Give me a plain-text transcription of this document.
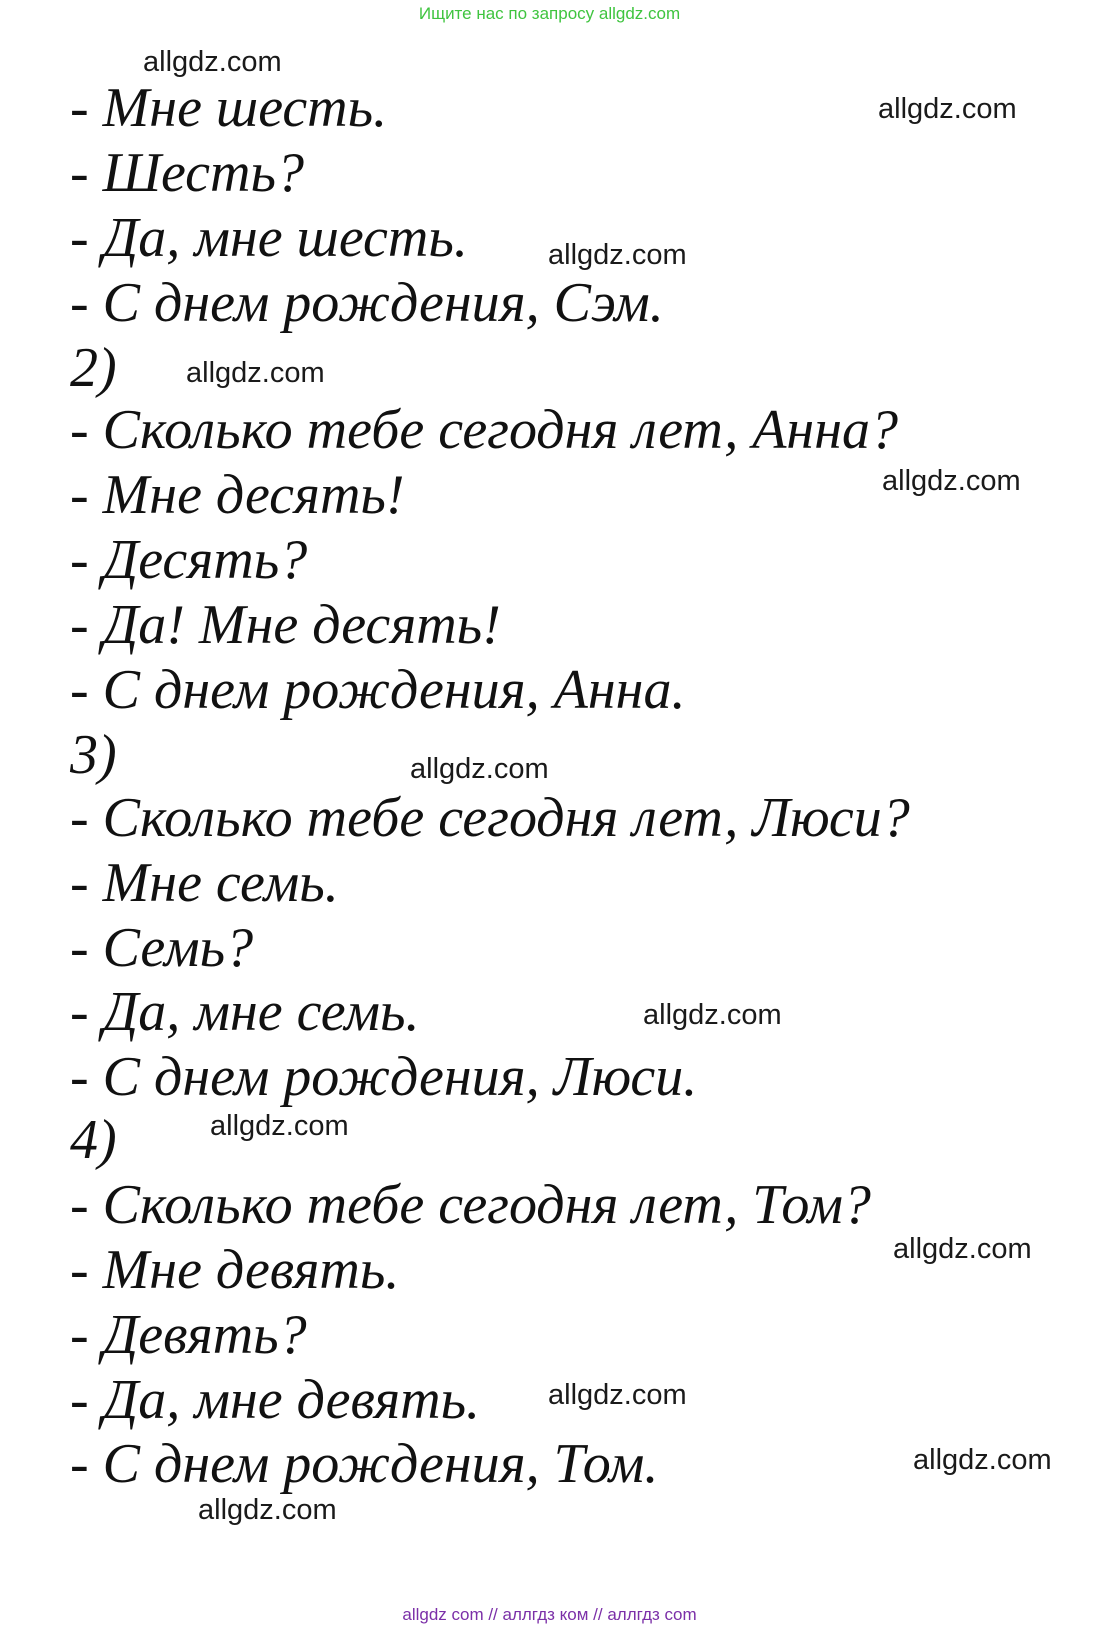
Ищите нас по запросу allgdz.com
allgdz.com
- Мне шесть.	allgdz.com
- Шесть?
- Да, мне шесть.	allgdz.com
- С днем рождения, Сэм.
2) allgdz.com
- Сколько тебе сегодня лет, Анна?
allgdz.com
- Мне десять!
- Десять?
- Да! Мне десять!
- С днем рождения, Анна.
3)	allgdz.com
- Сколько тебе сегодня лет, Люси?
- Мне семь.
- Семь?
- Да, мне семь.	allgdz.com
- С днем рождения, Люси.
4)	allgdz.com
- Сколько тебе сегодня лет, Том?
allgdz.com
- Мне девять.
- Девять?
- Да, мне девять. allgdz.com
- С днем рождения, Том.	allgdz.com
allgdz.com
allgdz com // аллгдз ком // аллгдз com
